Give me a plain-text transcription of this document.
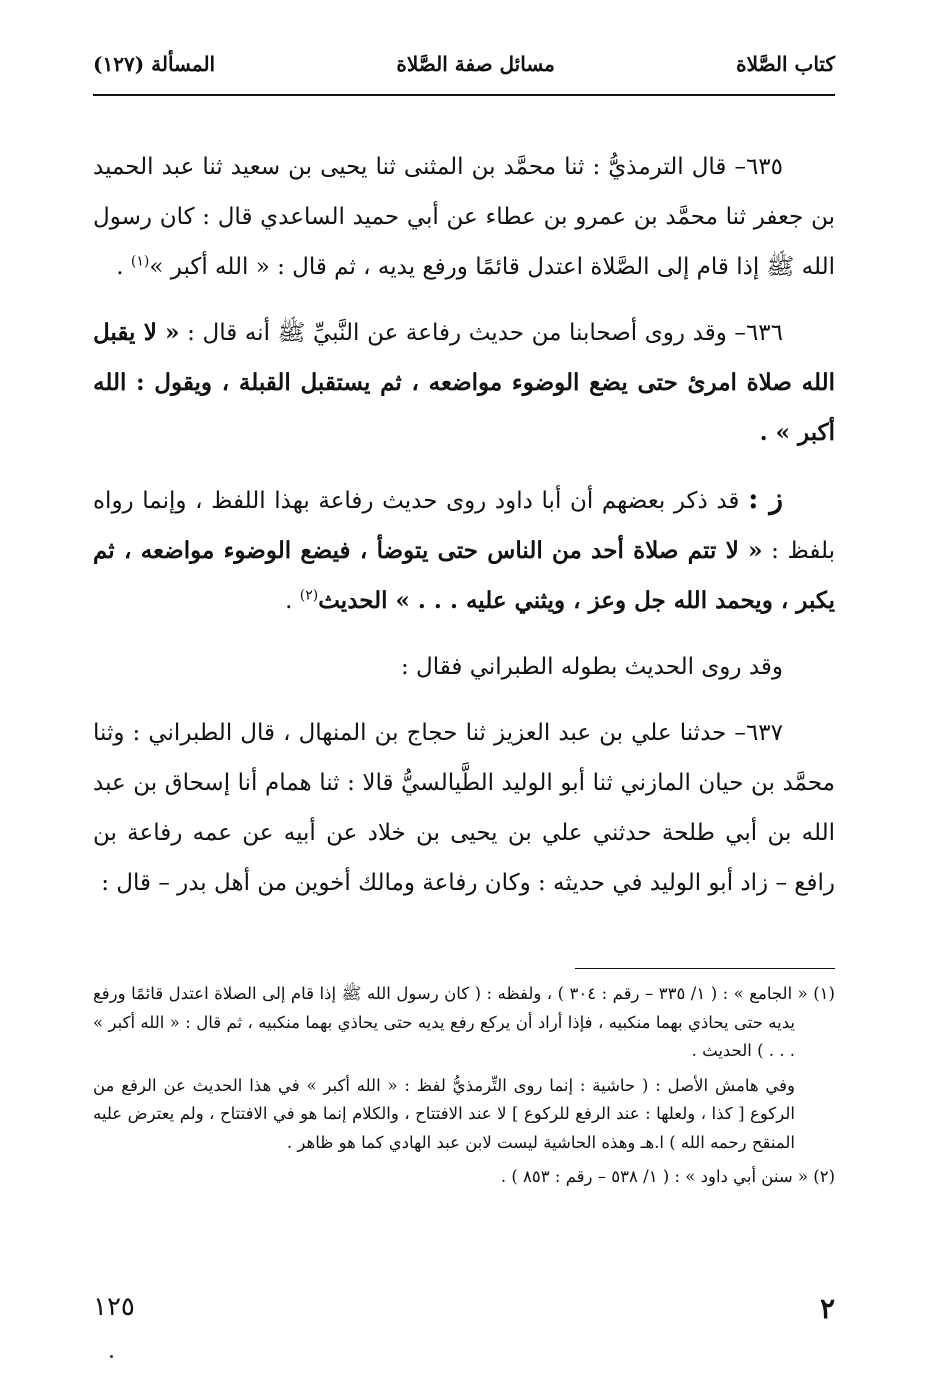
كتاب الصَّلاة
مسائل صفة الصَّلاة
المسألة (١٢٧)

٦٣٥– قال الترمذيُّ : ثنا محمَّد بن المثنى ثنا يحيى بن سعيد ثنا عبد الحميد بن جعفر ثنا محمَّد بن عمرو بن عطاء عن أبي حميد الساعدي قال : كان رسول الله ﷺ إذا قام إلى الصَّلاة اعتدل قائمًا ورفع يديه ، ثم قال : « الله أكبر »$^{(١)}$ .

٦٣٦– وقد روى أصحابنا من حديث رفاعة عن النَّبيِّ ﷺ أنه قال : « لا يقبل الله صلاة امرئ حتى يضع الوضوء مواضعه ، ثم يستقبل القبلة ، ويقول : الله أكبر » .

ز : قد ذكر بعضهم أن أبا داود روى حديث رفاعة بهذا اللفظ ، وإنما رواه بلفظ : « لا تتم صلاة أحد من الناس حتى يتوضأ ، فيضع الوضوء مواضعه ، ثم يكبر ، ويحمد الله جل وعز ، ويثني عليه . . . » الحديث$^{(٢)}$ .

وقد روى الحديث بطوله الطبراني فقال :

٦٣٧– حدثنا علي بن عبد العزيز ثنا حجاج بن المنهال ، قال الطبراني : وثنا محمَّد بن حيان المازني ثنا أبو الوليد الطَّيالسيُّ قالا : ثنا همام أنا إسحاق بن عبد الله بن أبي طلحة حدثني علي بن يحيى بن خلاد عن أبيه عن عمه رفاعة بن رافع – زاد أبو الوليد في حديثه : وكان رفاعة ومالك أخوين من أهل بدر – قال :

(١) « الجامع » : ( ١/ ٣٣٥ – رقم : ٣٠٤ ) ، ولفظه : ( كان رسول الله ﷺ إذا قام إلى الصلاة اعتدل قائمًا ورفع يديه حتى يحاذي بهما منكبيه ، فإذا أراد أن يركع رفع يديه حتى يحاذي بهما منكبيه ، ثم قال : « الله أكبر » . . . ) الحديث .

وفي هامش الأصل : ( حاشية : إنما روى التِّرمذيُّ لفظ : « الله أكبر » في هذا الحديث عن الرفع من الركوع [ كذا ، ولعلها : عند الرفع للركوع ] لا عند الافتتاح ، والكلام إنما هو في الافتتاح ، ولم يعترض عليه المنقح رحمه الله ) ا.هـ وهذه الحاشية ليست لابن عبد الهادي كما هو ظاهر .

(٢) « سنن أبي داود » : ( ١/ ٥٣٨ – رقم : ٨٥٣ ) .

١٢٥	٢
